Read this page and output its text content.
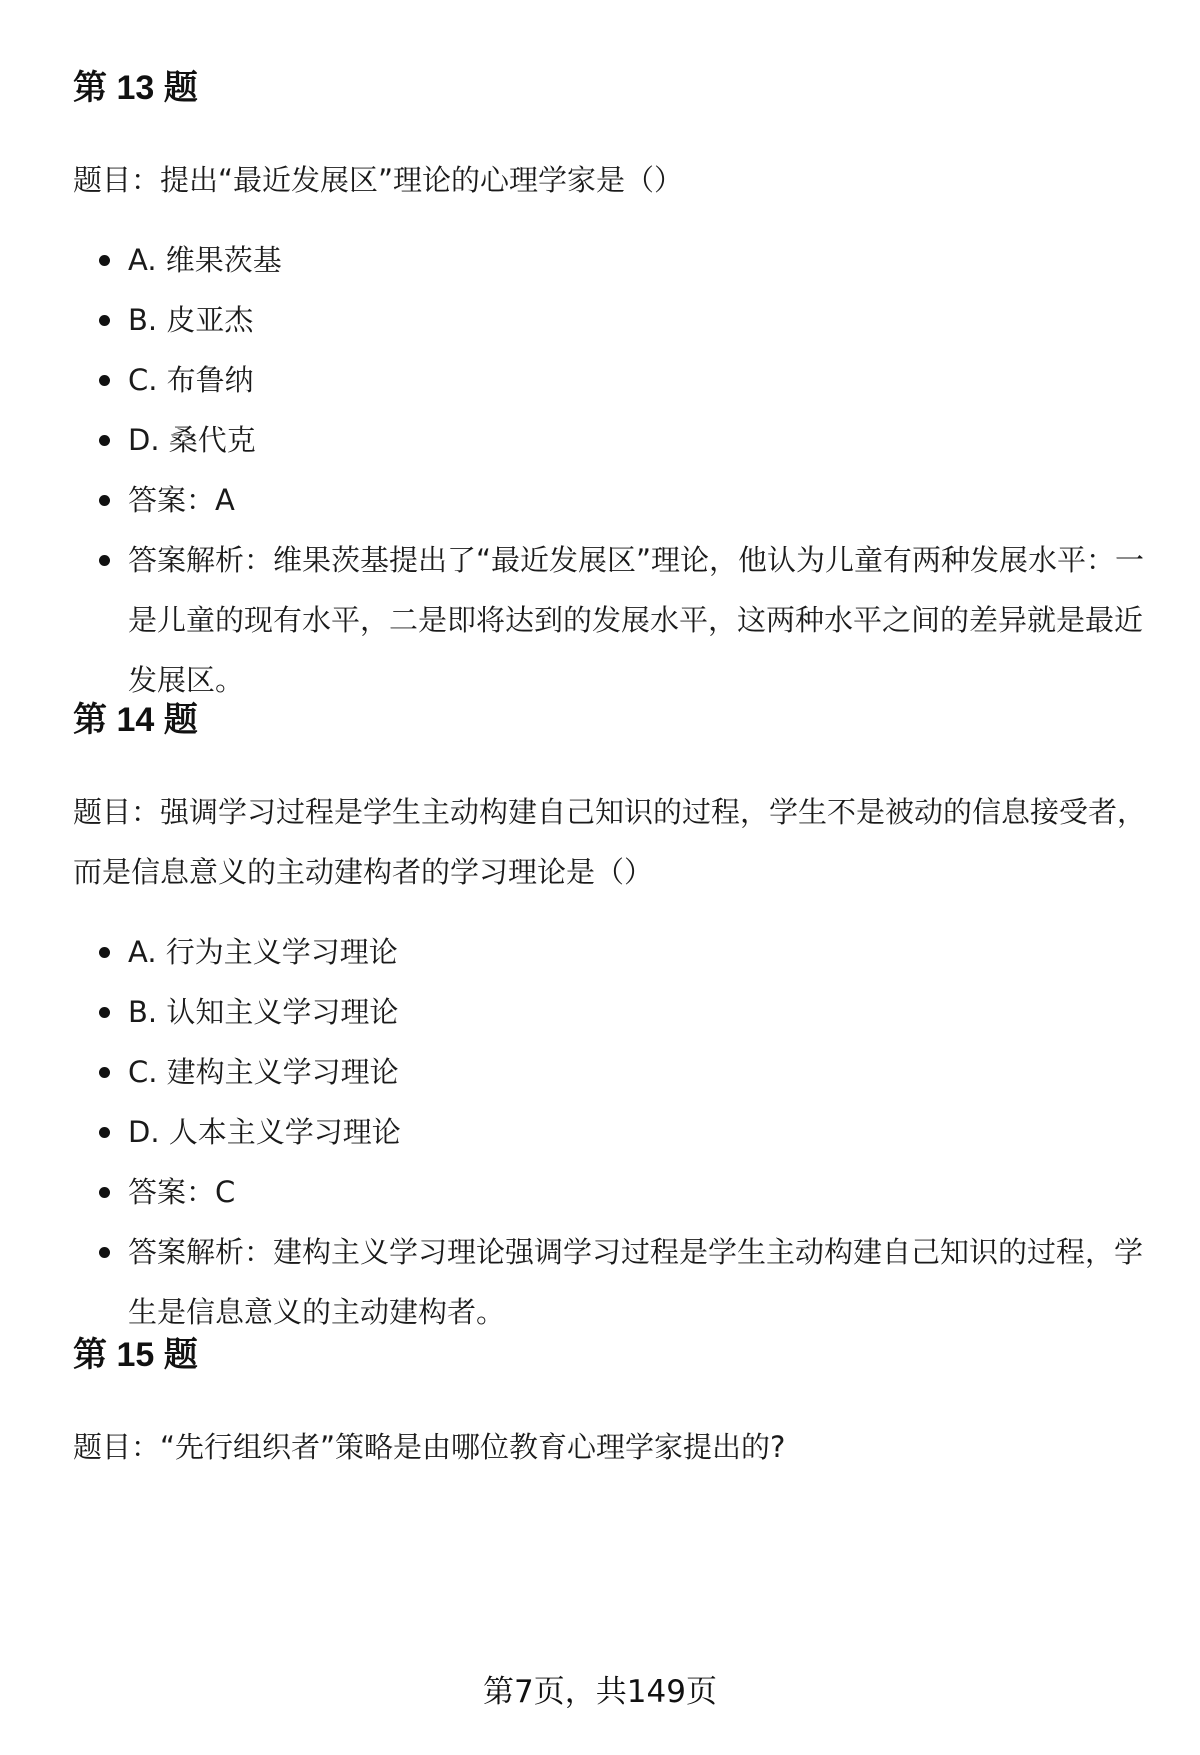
第 13 题

题目：提出“最近发展区”理论的心理学家是（）

A. 维果茨基
B. 皮亚杰
C. 布鲁纳
D. 桑代克
答案：A
答案解析：维果茨基提出了“最近发展区”理论，他认为儿童有两种发展水平：一是儿童的现有水平，二是即将达到的发展水平，这两种水平之间的差异就是最近发展区。
第 14 题

题目：强调学习过程是学生主动构建自己知识的过程，学生不是被动的信息接受者，而是信息意义的主动建构者的学习理论是（）

A. 行为主义学习理论
B. 认知主义学习理论
C. 建构主义学习理论
D. 人本主义学习理论
答案：C
答案解析：建构主义学习理论强调学习过程是学生主动构建自己知识的过程，学生是信息意义的主动建构者。
第 15 题

题目：“先行组织者”策略是由哪位教育心理学家提出的?

第7页，共149页
